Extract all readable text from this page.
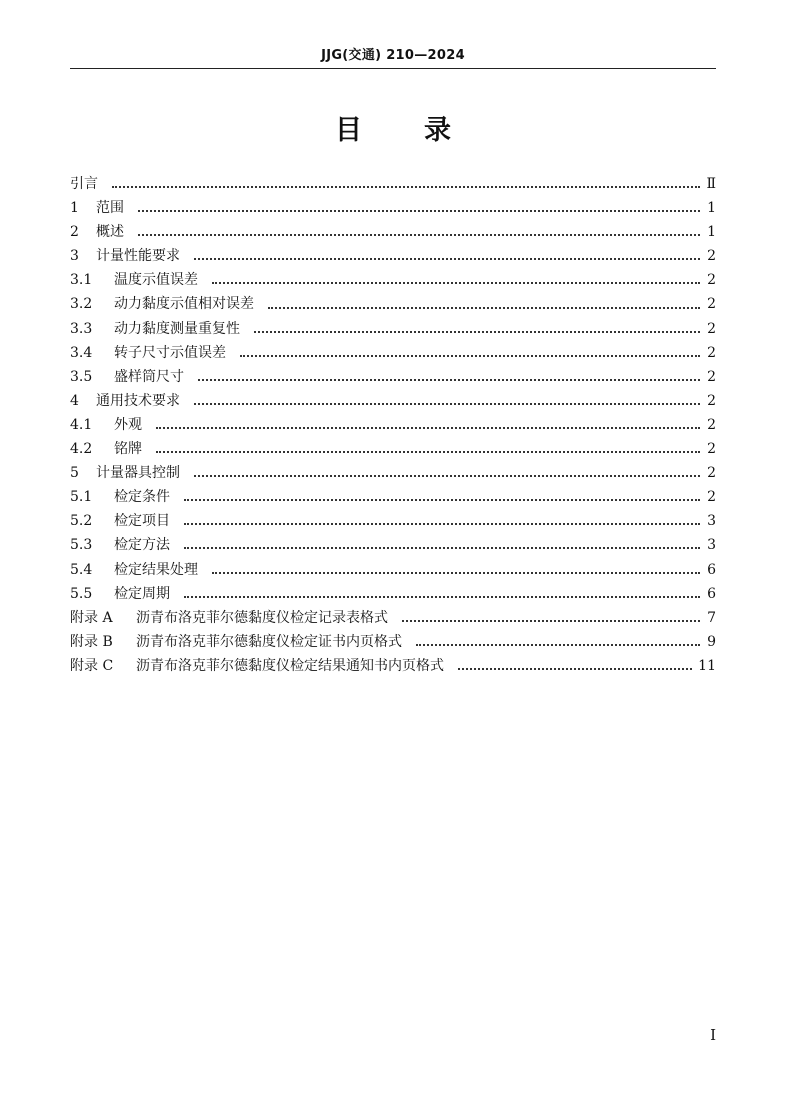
JJG(交通) 210—2024
目录
引言	Ⅱ
1	范围	1
2	概述	1
3	计量性能要求	2
3.1	温度示值误差	2
3.2	动力黏度示值相对误差	2
3.3	动力黏度测量重复性	2
3.4	转子尺寸示值误差	2
3.5	盛样筒尺寸	2
4	通用技术要求	2
4.1	外观	2
4.2	铭牌	2
5	计量器具控制	2
5.1	检定条件	2
5.2	检定项目	3
5.3	检定方法	3
5.4	检定结果处理	6
5.5	检定周期	6
附录 A	沥青布洛克菲尔德黏度仪检定记录表格式	7
附录 B	沥青布洛克菲尔德黏度仪检定证书内页格式	9
附录 C	沥青布洛克菲尔德黏度仪检定结果通知书内页格式	11
I
